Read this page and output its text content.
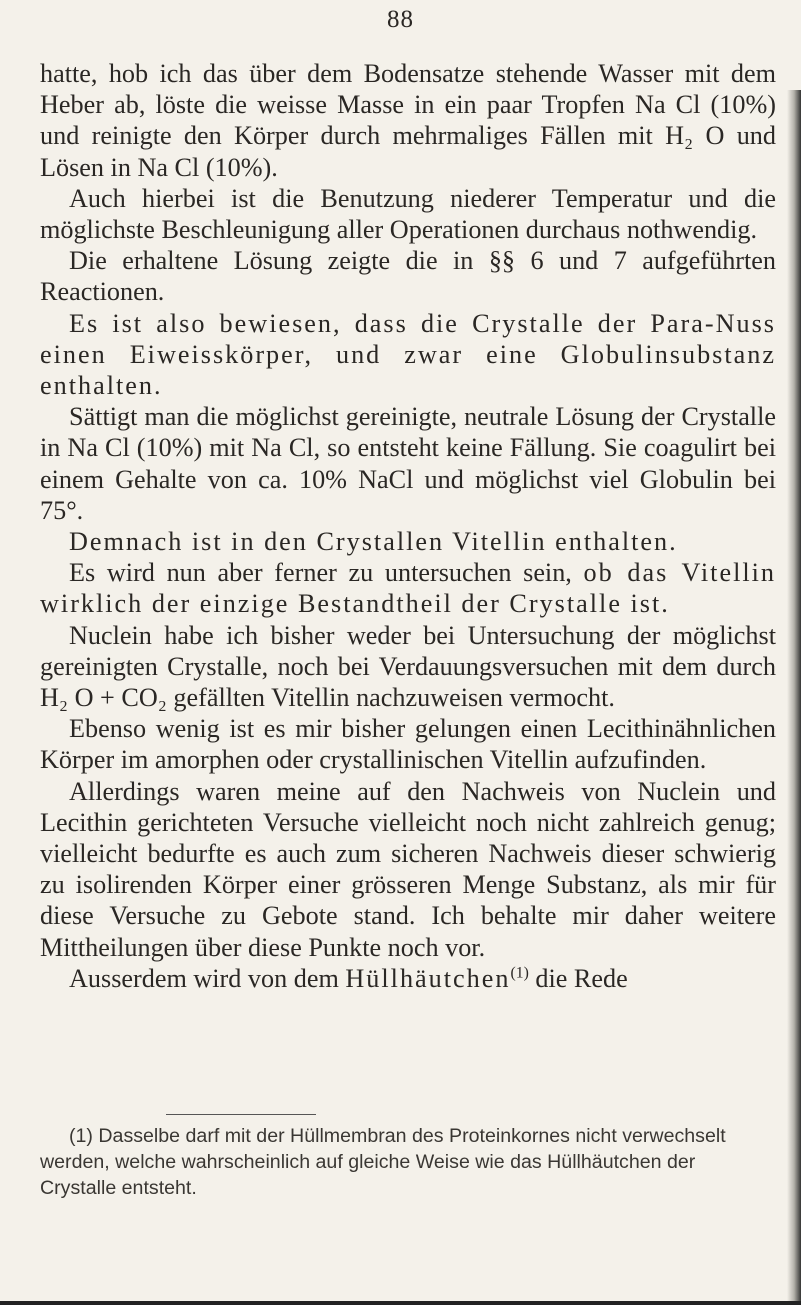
88

hatte, hob ich das über dem Bodensatze stehende Wasser mit dem Heber ab, löste die weisse Masse in ein paar Tropfen Na Cl (10%) und reinigte den Körper durch mehrmaliges Fällen mit H₂ O und Lösen in Na Cl (10%).

Auch hierbei ist die Benutzung niederer Temperatur und die möglichste Beschleunigung aller Operationen durchaus nothwendig.

Die erhaltene Lösung zeigte die in §§ 6 und 7 aufgeführten Reactionen.

Es ist also bewiesen, dass die Crystalle der Para-Nuss einen Eiweisskörper, und zwar eine Globulinsubstanz enthalten.

Sättigt man die möglichst gereinigte, neutrale Lösung der Crystalle in Na Cl (10%) mit Na Cl, so entsteht keine Fällung. Sie coagulirt bei einem Gehalte von ca. 10% NaCl und möglichst viel Globulin bei 75°.

Demnach ist in den Crystallen Vitellin enthalten.

Es wird nun aber ferner zu untersuchen sein, ob das Vitellin wirklich der einzige Bestandtheil der Crystalle ist.

Nuclein habe ich bisher weder bei Untersuchung der möglichst gereinigten Crystalle, noch bei Verdauungsversuchen mit dem durch H₂ O + CO₂ gefällten Vitellin nachzuweisen vermocht.

Ebenso wenig ist es mir bisher gelungen einen Lecithinähnlichen Körper im amorphen oder crystallinischen Vitellin aufzufinden.

Allerdings waren meine auf den Nachweis von Nuclein und Lecithin gerichteten Versuche vielleicht noch nicht zahlreich genug; vielleicht bedurfte es auch zum sicheren Nachweis dieser schwierig zu isolirenden Körper einer grösseren Menge Substanz, als mir für diese Versuche zu Gebote stand. Ich behalte mir daher weitere Mittheilungen über diese Punkte noch vor.

Ausserdem wird von dem Hüllhäutchen$^{(1)}$ die Rede

(1) Dasselbe darf mit der Hüllmembran des Proteinkornes nicht verwechselt werden, welche wahrscheinlich auf gleiche Weise wie das Hüllhäutchen der Crystalle entsteht.
